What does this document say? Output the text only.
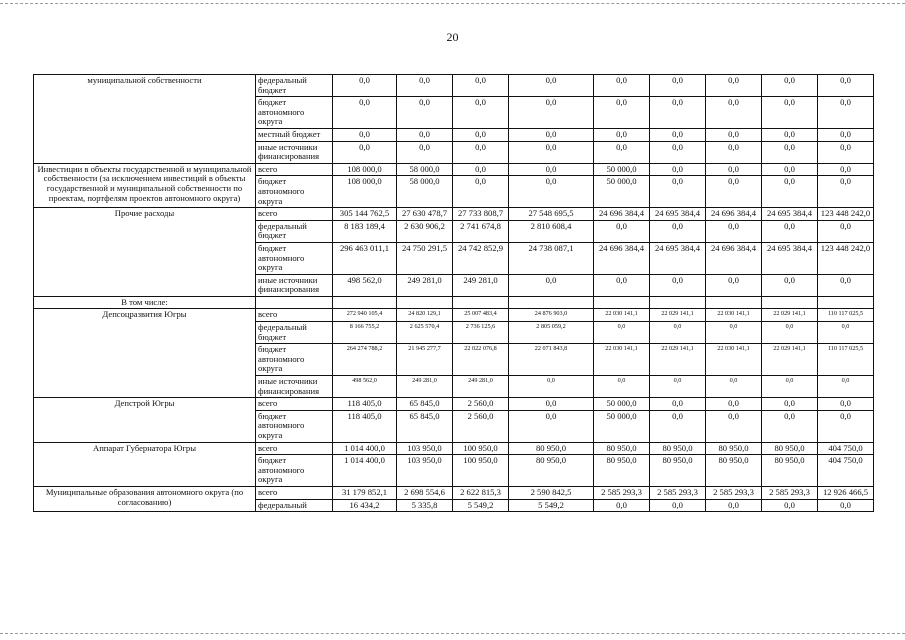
20
муниципальной собственности	федеральный бюджет	0,0	0,0	0,0	0,0	0,0	0,0	0,0	0,0	0,0
	бюджет автономного округа	0,0	0,0	0,0	0,0	0,0	0,0	0,0	0,0	0,0
	местный бюджет	0,0	0,0	0,0	0,0	0,0	0,0	0,0	0,0	0,0
	иные источники финансирования	0,0	0,0	0,0	0,0	0,0	0,0	0,0	0,0	0,0
Инвестиции в объекты государственной и муниципальной собственности (за исключением инвестиций в объекты государственной и муниципальной собственности по проектам, портфелям проектов автономного округа)	всего	108 000,0	58 000,0	0,0	0,0	50 000,0	0,0	0,0	0,0	0,0
	бюджет автономного округа	108 000,0	58 000,0	0,0	0,0	50 000,0	0,0	0,0	0,0	0,0
Прочие расходы	всего	305 144 762,5	27 630 478,7	27 733 808,7	27 548 695,5	24 696 384,4	24 695 384,4	24 696 384,4	24 695 384,4	123 448 242,0
	федеральный бюджет	8 183 189,4	2 630 906,2	2 741 674,8	2 810 608,4	0,0	0,0	0,0	0,0	0,0
	бюджет автономного округа	296 463 011,1	24 750 291,5	24 742 852,9	24 738 087,1	24 696 384,4	24 695 384,4	24 696 384,4	24 695 384,4	123 448 242,0
	иные источники финансирования	498 562,0	249 281,0	249 281,0	0,0	0,0	0,0	0,0	0,0	0,0
В том числе:										
Депсоцразвития Югры	всего	272 940 105,4	24 820 129,1	25 007 483,4	24 876 903,0	22 030 141,1	22 029 141,1	22 030 141,1	22 029 141,1	110 117 025,5
	федеральный бюджет	8 166 755,2	2 625 570,4	2 736 125,6	2 805 059,2	0,0	0,0	0,0	0,0	0,0
	бюджет автономного округа	264 274 788,2	21 945 277,7	22 022 076,8	22 071 843,8	22 030 141,1	22 029 141,1	22 030 141,1	22 029 141,1	110 117 025,5
	иные источники финансирования	498 562,0	249 281,0	249 281,0	0,0	0,0	0,0	0,0	0,0	0,0
Депстрой Югры	всего	118 405,0	65 845,0	2 560,0	0,0	50 000,0	0,0	0,0	0,0	0,0
	бюджет автономного округа	118 405,0	65 845,0	2 560,0	0,0	50 000,0	0,0	0,0	0,0	0,0
Аппарат Губернатора Югры	всего	1 014 400,0	103 950,0	100 950,0	80 950,0	80 950,0	80 950,0	80 950,0	80 950,0	404 750,0
	бюджет автономного округа	1 014 400,0	103 950,0	100 950,0	80 950,0	80 950,0	80 950,0	80 950,0	80 950,0	404 750,0
Муниципальные образования автономного округа (по согласованию)	всего	31 179 852,1	2 698 554,6	2 622 815,3	2 590 842,5	2 585 293,3	2 585 293,3	2 585 293,3	2 585 293,3	12 926 466,5
	федеральный	16 434,2	5 335,8	5 549,2	5 549,2	0,0	0,0	0,0	0,0	0,0
